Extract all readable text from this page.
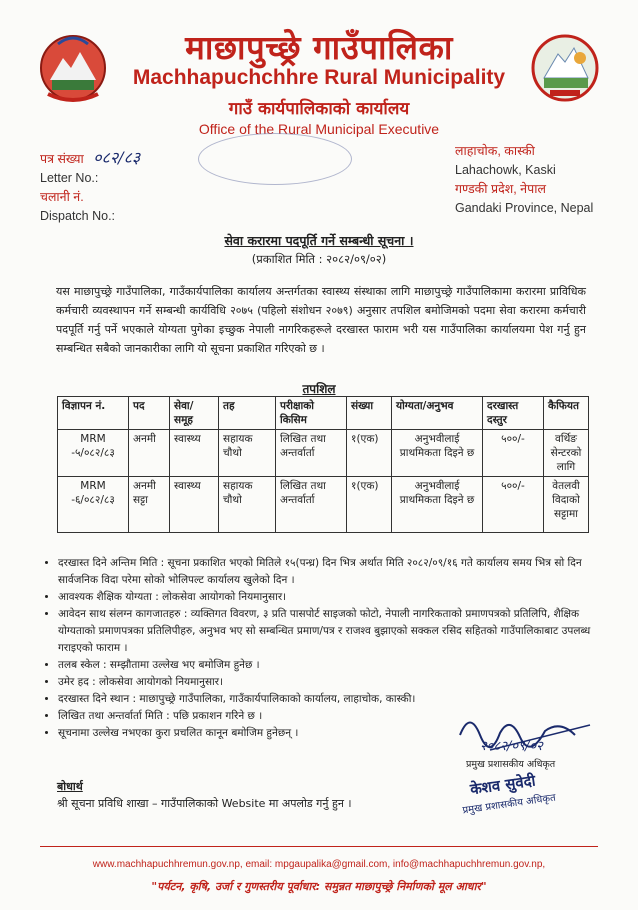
माछापुच्छ्रे गाउँपालिका
Machhapuchchhre Rural Municipality
गाउँ कार्यपालिकाको कार्यालय
Office of the Rural Municipal Executive
पत्र संख्या ०८२/८३
Letter No.:
चलानी नं.
Dispatch No.:
लाहाचोक, कास्की
Lahachowk, Kaski
गण्डकी प्रदेश, नेपाल
Gandaki Province, Nepal
सेवा करारमा पदपूर्ति गर्ने सम्बन्धी सूचना ।
(प्रकाशित मिति : २०८२/०९/०२)
यस माछापुच्छ्रे गाउँपालिका, गाउँकार्यपालिका कार्यालय अन्तर्गतका स्वास्थ्य संस्थाका लागि माछापुच्छ्रे गाउँपालिकामा करारमा प्राविधिक कर्मचारी व्यवस्थापन गर्ने सम्बन्धी कार्यविधि २०७५ (पहिलो संशोधन २०७९) अनुसार तपशिल बमोजिमको पदमा सेवा करारमा कर्मचारी पदपूर्ति गर्नु पर्ने भएकाले योग्यता पुगेका इच्छुक नेपाली नागरिकहरूले दरखास्त फाराम भरी यस गाउँपालिका कार्यालयमा पेश गर्नु हुन सम्बन्धित सबैको जानकारीका लागि यो सूचना प्रकाशित गरिएको छ ।
तपशिल
विज्ञापन नं.	पद	सेवा/ समूह	तह	परीक्षाको किसिम	संख्या	योग्यता/अनुभव	दरखास्त दस्तुर	कैफियत
MRM -५/०८२/८३	अनमी	स्वास्थ्य	सहायक चौथो	लिखित तथा अन्तर्वार्ता	१(एक)	अनुभवीलाई प्राथमिकता दिइने छ	५००/-	वर्थिङ सेन्टरको लागि
MRM -६/०८२/८३	अनमी सट्टा	स्वास्थ्य	सहायक चौथो	लिखित तथा अन्तर्वार्ता	१(एक)	अनुभवीलाई प्राथमिकता दिइने छ	५००/-	वेतलवी विदाको सट्टामा
• दरखास्त दिने अन्तिम मिति : सूचना प्रकाशित भएको मितिले १५(पन्ध्र) दिन भित्र अर्थात मिति २०८२/०९/१६ गते कार्यालय समय भित्र सो दिन सार्वजनिक विदा परेमा सोको भोलिपल्ट कार्यालय खुलेको दिन ।
• आवश्यक शैक्षिक योग्यता : लोकसेवा आयोगको नियमानुसार।
• आवेदन साथ संलग्न कागजातहरु : व्यक्तिगत विवरण, ३ प्रति पासपोर्ट साइजको फोटो, नेपाली नागरिकताको प्रमाणपत्रको प्रतिलिपि, शैक्षिक योग्यताको प्रमाणपत्रका प्रतिलिपीहरु, अनुभव भए सो सम्बन्धित प्रमाण/पत्र र राजश्व बुझाएको सक्कल रसिद सहितको गाउँपालिकाबाट उपलब्ध गराइएको फाराम ।
• तलब स्केल : सम्झौतामा उल्लेख भए बमोजिम हुनेछ ।
• उमेर हद : लोकसेवा आयोगको नियमानुसार।
• दरखास्त दिने स्थान : माछापुच्छ्रे गाउँपालिका, गाउँकार्यपालिकाको कार्यालय, लाहाचोक, कास्की।
• लिखित तथा अन्तर्वार्ता मिति : पछि प्रकाशन गरिने छ ।
• सूचनामा उल्लेख नभएका कुरा प्रचलित कानून बमोजिम हुनेछन् ।
२०८२/०९/०२
प्रमुख प्रशासकीय अधिकृत
केशव सुवेदी
प्रमुख प्रशासकीय अधिकृत
बोधार्थ
श्री सूचना प्रविधि शाखा – गाउँपालिकाको Website मा अपलोड गर्नु हुन ।
www.machhapuchhremun.gov.np, email: mpgaupalika@gmail.com, info@machhapuchhremun.gov.np,
"पर्यटन, कृषि, उर्जा र गुणस्तरीय पूर्वाधार: समुन्नत माछापुच्छ्रे निर्माणको मूल आधार"
